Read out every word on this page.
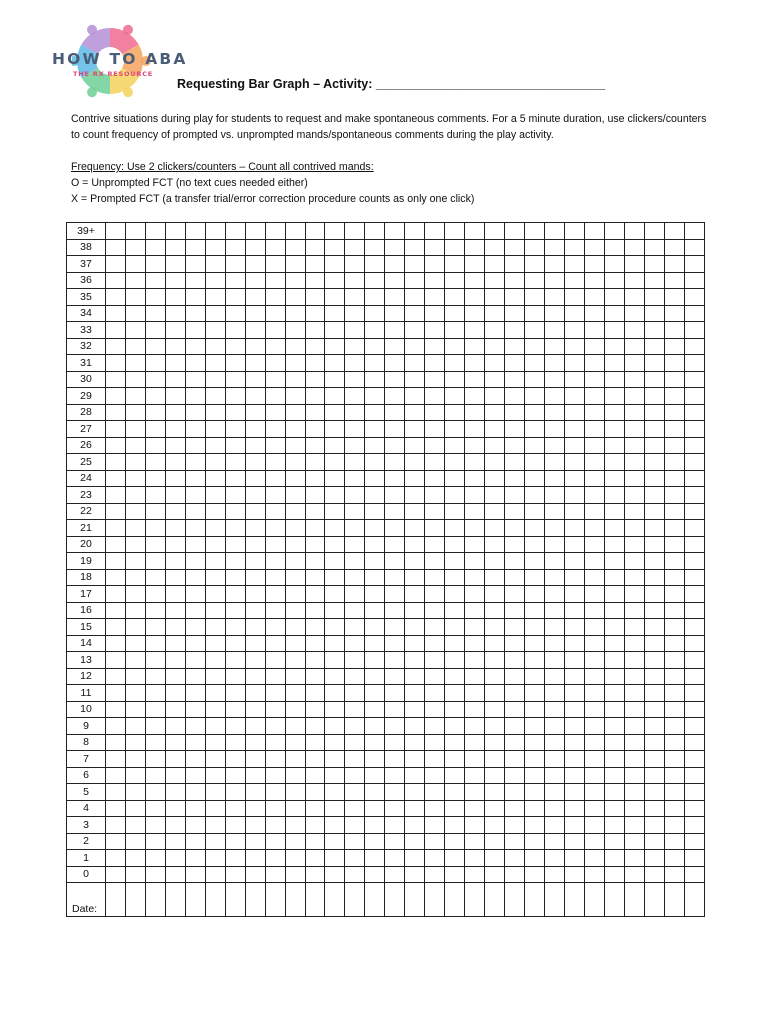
HOW TO ABA
THE RX RESOURCE
Requesting Bar Graph – Activity: _________________________________

Contrive situations during play for students to request and make spontaneous comments. For a 5 minute duration, use clickers/counters to count frequency of prompted vs. unprompted mands/spontaneous comments during the play activity.

Frequency: Use 2 clickers/counters – Count all contrived mands:

O = Unprompted FCT (no text cues needed either)

X = Prompted FCT (a transfer trial/error correction procedure counts as only one click)

39+																														
38																														
37																														
36																														
35																														
34																														
33																														
32																														
31																														
30																														
29																														
28																														
27																														
26																														
25																														
24																														
23																														
22																														
21																														
20																														
19																														
18																														
17																														
16																														
15																														
14																														
13																														
12																														
11																														
10																														
9																														
8																														
7																														
6																														
5																														
4																														
3																														
2																														
1																														
0																														
Date:																														
